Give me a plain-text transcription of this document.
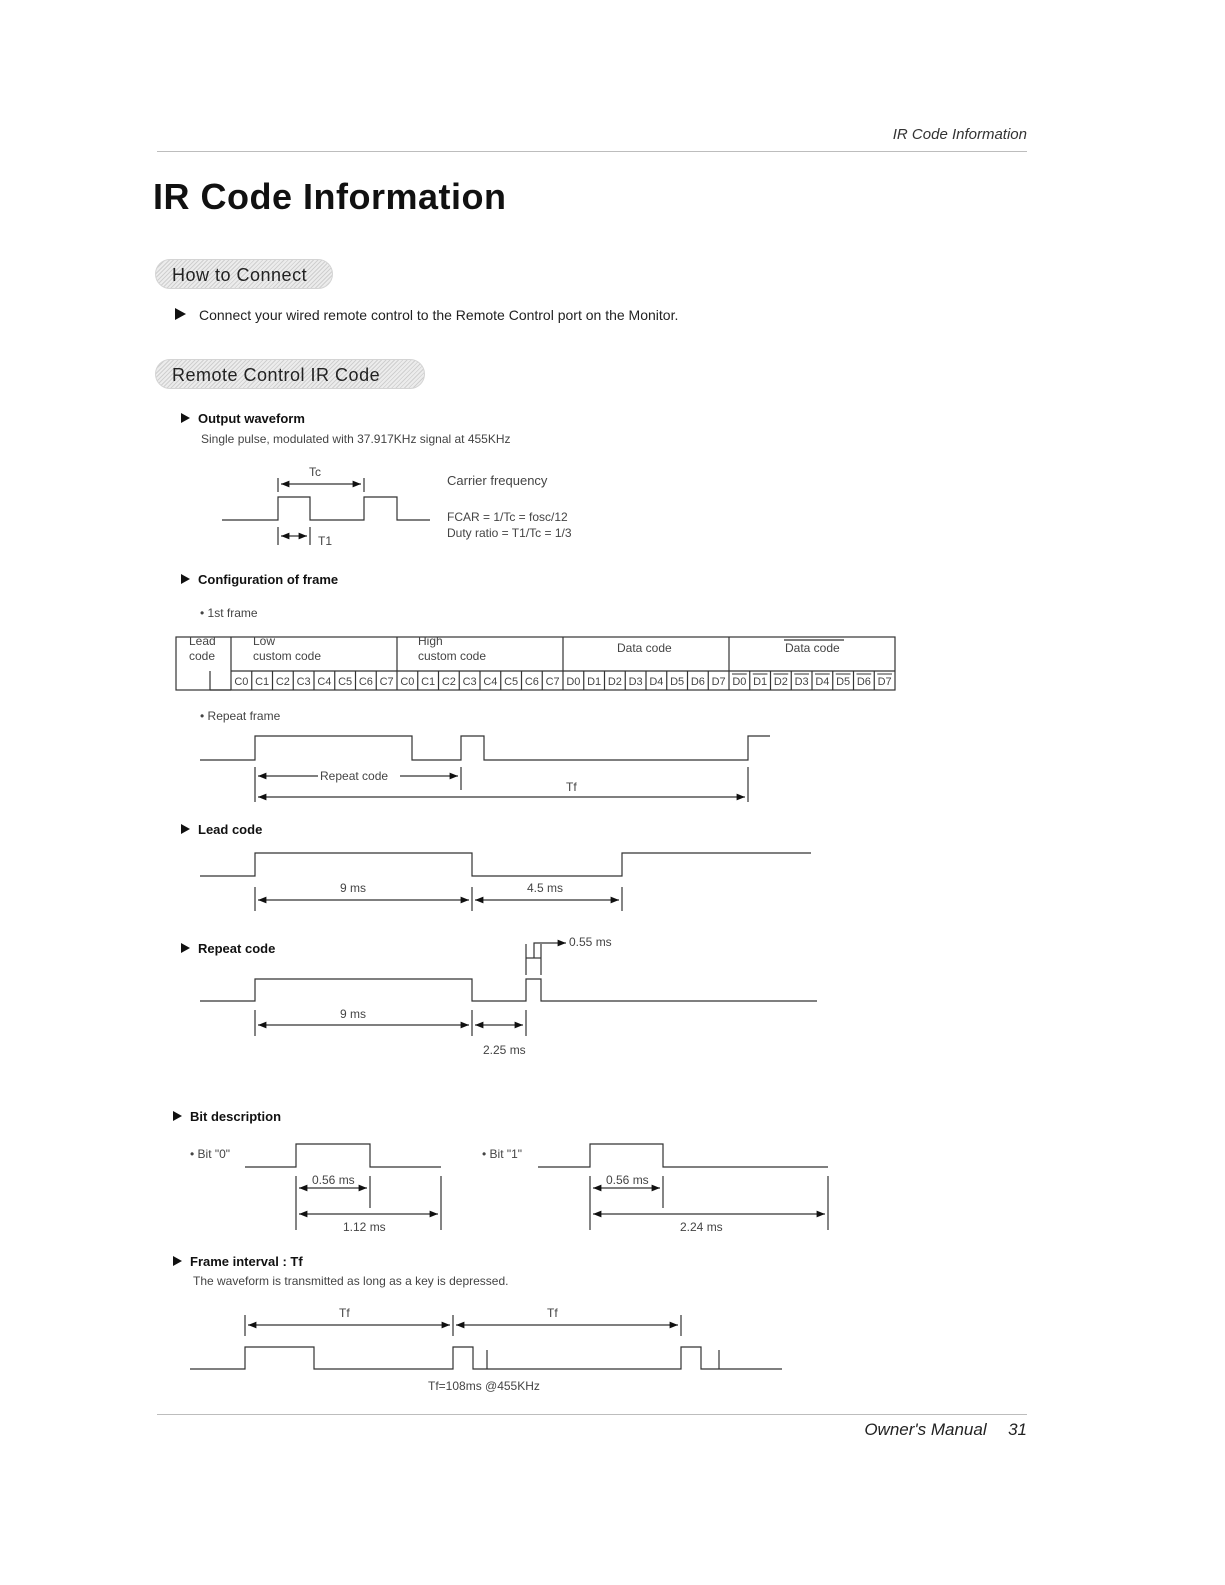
IR Code Information
IR Code Information
How to Connect
Connect your wired remote control to the Remote Control port on the Monitor.
Remote Control IR Code
Output waveform
Single pulse, modulated with 37.917KHz signal at 455KHz
Tc
T1
Carrier frequency
FCAR = 1/Tc = fosc/12
Duty ratio = T1/Tc = 1/3
Lead
code
Low
custom code
High
custom code
Data code	Data code
C0 C1 C2 C3 C4 C5 C6 C7 C0 C1 C2 C3 C4 C5 C6 C7 D0 D1 D2 D3 D4 D5 D6 D7 D0 D1 D2 D3 D4 D5 D6 D7
Repeat code
Tf
9 ms	4.5 ms
0.55 ms
9 ms
2.25 ms
0.56 ms
1.12 ms
0.56 ms
2.24 ms
Tf	Tf
Tf=108ms @455KHz
Configuration of frame
• 1st frame
• Repeat frame
Lead code
Repeat code
Bit description
• Bit "0"	• Bit "1"
Frame interval : Tf
The waveform is transmitted as long as a key is depressed.
Owner's Manual 31
